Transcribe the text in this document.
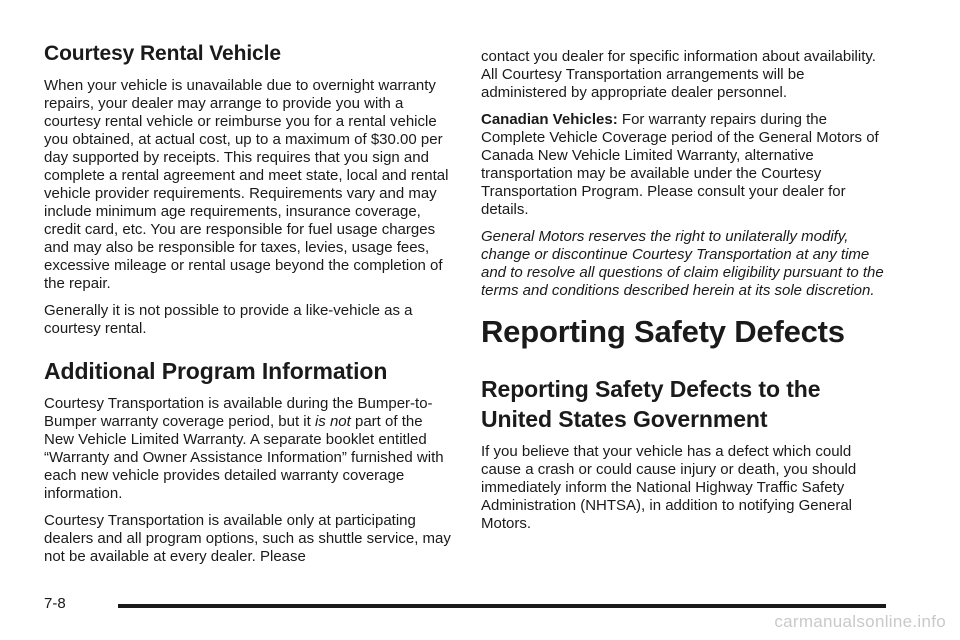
Courtesy Rental Vehicle

When your vehicle is unavailable due to overnight warranty repairs, your dealer may arrange to provide you with a courtesy rental vehicle or reimburse you for a rental vehicle you obtained, at actual cost, up to a maximum of $30.00 per day supported by receipts. This requires that you sign and complete a rental agreement and meet state, local and rental vehicle provider requirements. Requirements vary and may include minimum age requirements, insurance coverage, credit card, etc. You are responsible for fuel usage charges and may also be responsible for taxes, levies, usage fees, excessive mileage or rental usage beyond the completion of the repair.

Generally it is not possible to provide a like-vehicle as a courtesy rental.

Additional Program Information

Courtesy Transportation is available during the Bumper-to-Bumper warranty coverage period, but it is not part of the New Vehicle Limited Warranty. A separate booklet entitled “Warranty and Owner Assistance Information” furnished with each new vehicle provides detailed warranty coverage information.

Courtesy Transportation is available only at participating dealers and all program options, such as shuttle service, may not be available at every dealer. Please

contact you dealer for specific information about availability. All Courtesy Transportation arrangements will be administered by appropriate dealer personnel.

Canadian Vehicles: For warranty repairs during the Complete Vehicle Coverage period of the General Motors of Canada New Vehicle Limited Warranty, alternative transportation may be available under the Courtesy Transportation Program. Please consult your dealer for details.

General Motors reserves the right to unilaterally modify, change or discontinue Courtesy Transportation at any time and to resolve all questions of claim eligibility pursuant to the terms and conditions described herein at its sole discretion.

Reporting Safety Defects
Reporting Safety Defects to the United States Government

If you believe that your vehicle has a defect which could cause a crash or could cause injury or death, you should immediately inform the National Highway Traffic Safety Administration (NHTSA), in addition to notifying General Motors.

7-8
carmanualsonline.info
